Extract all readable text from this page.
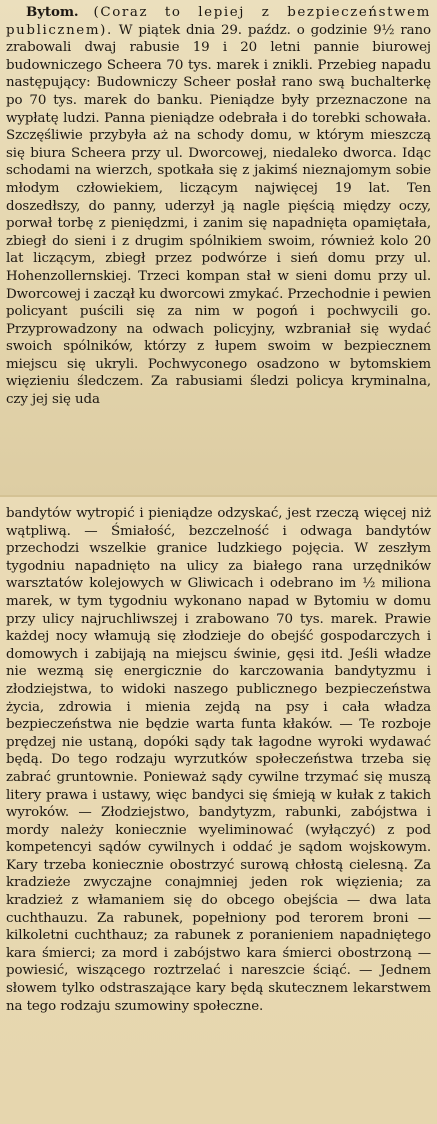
Bytom. (Coraz to lepiej z bezpieczeństwem publicznem). W piątek dnia 29. paźdz. o godzinie 9½ rano zrabowali dwaj rabusie 19 i 20 letni pannie biurowej budowniczego Scheera 70 tys. marek i znikli. Przebieg napadu następujący: Budowniczy Scheer posłał rano swą buchalterkę po 70 tys. marek do banku. Pieniądze były przeznaczone na wypłatę ludzi. Panna pieniądze odebrała i do torebki schowała. Szczęśliwie przybyła aż na schody domu, w którym mieszczą się biura Scheera przy ul. Dworcowej, niedaleko dworca. Idąc schodami na wierzch, spotkała się z jakimś nieznajomym sobie młodym człowiekiem, liczącym najwięcej 19 lat. Ten doszedłszy, do panny, uderzył ją nagle pięścią między oczy, porwał torbę z pieniędzmi, i zanim się napadnięta opamiętała, zbiegł do sieni i z drugim spólnikiem swoim, również kolo 20 lat liczącym, zbiegł przez podwórze i sień domu przy ul. Hohenzollernskiej. Trzeci kompan stał w sieni domu przy ul. Dworcowej i zaczął ku dworcowi zmykać. Przechodnie i pewien policyant puścili się za nim w pogoń i pochwycili go. Przyprowadzony na odwach policyjny, wzbraniał się wydać swoich spólników, którzy z łupem swoim w bezpiecznem miejscu się ukryli. Pochwyconego osadzono w bytomskiem więzieniu śledczem. Za rabusiami śledzi policya kryminalna, czy jej się uda

bandytów wytropić i pieniądze odzyskać, jest rzeczą więcej niż wątpliwą. — Śmiałość, bezczelność i odwaga bandytów przechodzi wszelkie granice ludzkiego pojęcia. W zeszłym tygodniu napadnięto na ulicy za białego rana urzędników warsztatów kolejowych w Gliwicach i odebrano im ½ miliona marek, w tym tygodniu wykonano napad w Bytomiu w domu przy ulicy najruchliwszej i zrabowano 70 tys. marek. Prawie każdej nocy włamują się złodzieje do obejść gospodarczych i domowych i zabijają na miejscu świnie, gęsi itd. Jeśli władze nie wezmą się energicznie do karczowania bandytyzmu i złodziejstwa, to widoki naszego publicznego bezpieczeństwa życia, zdrowia i mienia zejdą na psy i cała władza bezpieczeństwa nie będzie warta funta kłaków. — Te rozboje prędzej nie ustaną, dopóki sądy tak łagodne wyroki wydawać będą. Do tego rodzaju wyrzutków społeczeństwa trzeba się zabrać gruntownie. Ponieważ sądy cywilne trzymać się muszą litery prawa i ustawy, więc bandyci się śmieją w kułak z takich wyroków. — Złodziejstwo, bandytyzm, rabunki, zabójstwa i mordy należy koniecznie wyeliminować (wyłączyć) z pod kompetencyi sądów cywilnych i oddać je sądom wojskowym. Kary trzeba koniecznie obostrzyć surową chłostą cielesną. Za kradzieże zwyczajne conajmniej jeden rok więzienia; za kradzież z włamaniem się do obcego obejścia — dwa lata cuchthauzu. Za rabunek, popełniony pod terorem broni — kilkoletni cuchthauz; za rabunek z poranieniem napadniętego kara śmierci; za mord i zabójstwo kara śmierci obostrzoną — powiesić, wiszącego roztrzelać i nareszcie ściąć. — Jednem słowem tylko odstraszające kary będą skutecznem lekarstwem na tego rodzaju szumowiny społeczne.
